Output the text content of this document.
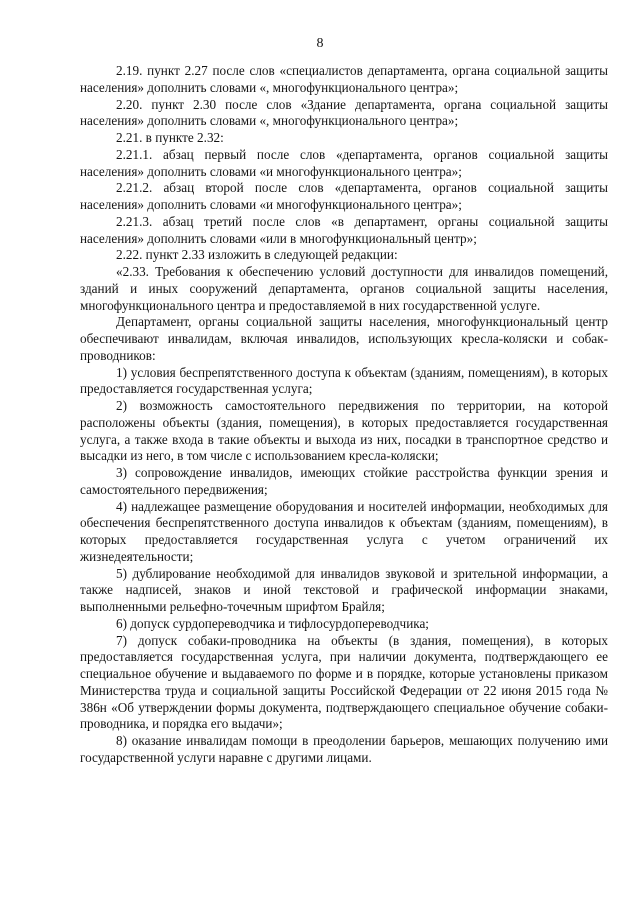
8

2.19. пункт 2.27 после слов «специалистов департамента, органа социальной защиты населения» дополнить словами «, многофункционального центра»;

2.20. пункт 2.30 после слов «Здание департамента, органа социальной защиты населения» дополнить словами «, многофункционального центра»;

2.21. в пункте 2.32:

2.21.1. абзац первый после слов «департамента, органов социальной защиты населения» дополнить словами «и многофункционального центра»;

2.21.2. абзац второй после слов «департамента, органов социальной защиты населения» дополнить словами «и многофункционального центра»;

2.21.3. абзац третий после слов «в департамент, органы социальной защиты населения» дополнить словами «или в многофункциональный центр»;

2.22. пункт 2.33 изложить в следующей редакции:

«2.33. Требования к обеспечению условий доступности для инвалидов помещений, зданий и иных сооружений департамента, органов социальной защиты населения, многофункционального центра и предоставляемой в них государственной услуге.

Департамент, органы социальной защиты населения, многофункциональный центр обеспечивают инвалидам, включая инвалидов, использующих кресла-коляски и собак-проводников:

1) условия беспрепятственного доступа к объектам (зданиям, помещениям), в которых предоставляется государственная услуга;

2) возможность самостоятельного передвижения по территории, на которой расположены объекты (здания, помещения), в которых предоставляется государственная услуга, а также входа в такие объекты и выхода из них, посадки в транспортное средство и высадки из него, в том числе с использованием кресла-коляски;

3) сопровождение инвалидов, имеющих стойкие расстройства функции зрения и самостоятельного передвижения;

4) надлежащее размещение оборудования и носителей информации, необходимых для обеспечения беспрепятственного доступа инвалидов к объектам (зданиям, помещениям), в которых предоставляется государственная услуга с учетом ограничений их жизнедеятельности;

5) дублирование необходимой для инвалидов звуковой и зрительной информации, а также надписей, знаков и иной текстовой и графической информации знаками, выполненными рельефно-точечным шрифтом Брайля;

6) допуск сурдопереводчика и тифлосурдопереводчика;

7) допуск собаки-проводника на объекты (в здания, помещения), в которых предоставляется государственная услуга, при наличии документа, подтверждающего ее специальное обучение и выдаваемого по форме и в порядке, которые установлены приказом Министерства труда и социальной защиты Российской Федерации от 22 июня 2015 года № 386н «Об утверждении формы документа, подтверждающего специальное обучение собаки-проводника, и порядка его выдачи»;

8) оказание инвалидам помощи в преодолении барьеров, мешающих получению ими государственной услуги наравне с другими лицами.
